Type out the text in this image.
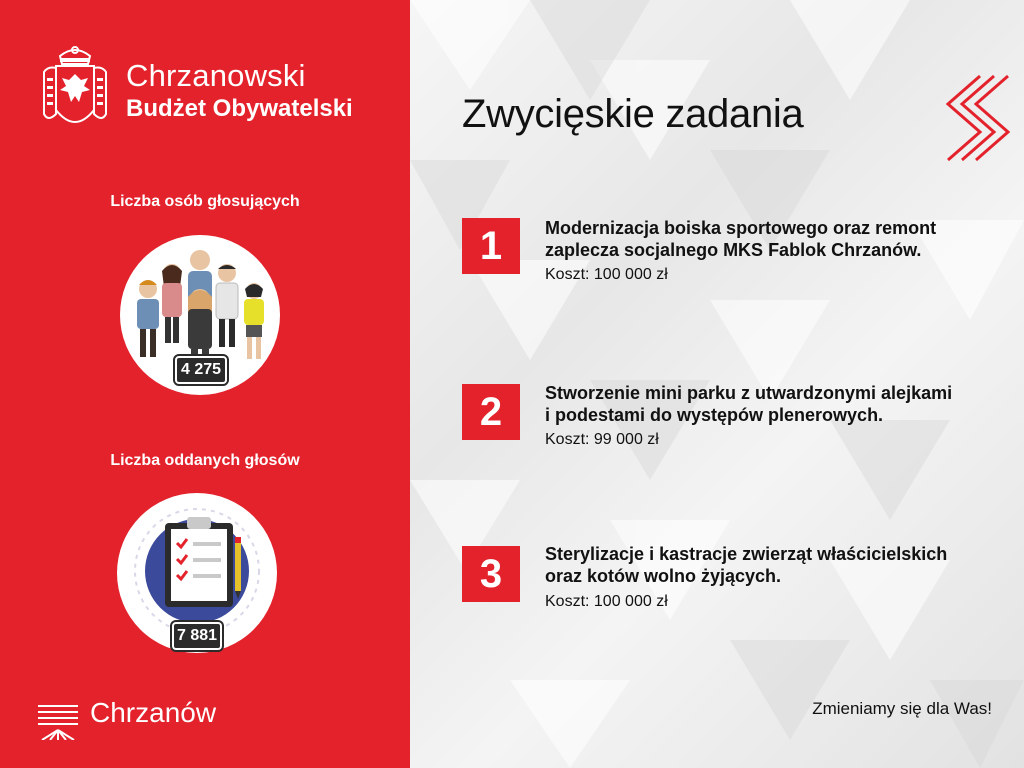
Chrzanowski
Budżet Obywatelski
Liczba osób głosujących
4 275
Liczba oddanych głosów
7 881
Chrzanów
Zwycięskie zadania
1	Modernizacja boiska sportowego oraz remont
zaplecza socjalnego MKS Fablok Chrzanów.
Koszt: 100 000 zł
2	Stworzenie mini parku z utwardzonymi alejkami
i podestami do występów plenerowych.
Koszt: 99 000 zł
3	Sterylizacje i kastracje zwierząt właścicielskich
oraz kotów wolno żyjących.
Koszt: 100 000 zł
Zmieniamy się dla Was!
